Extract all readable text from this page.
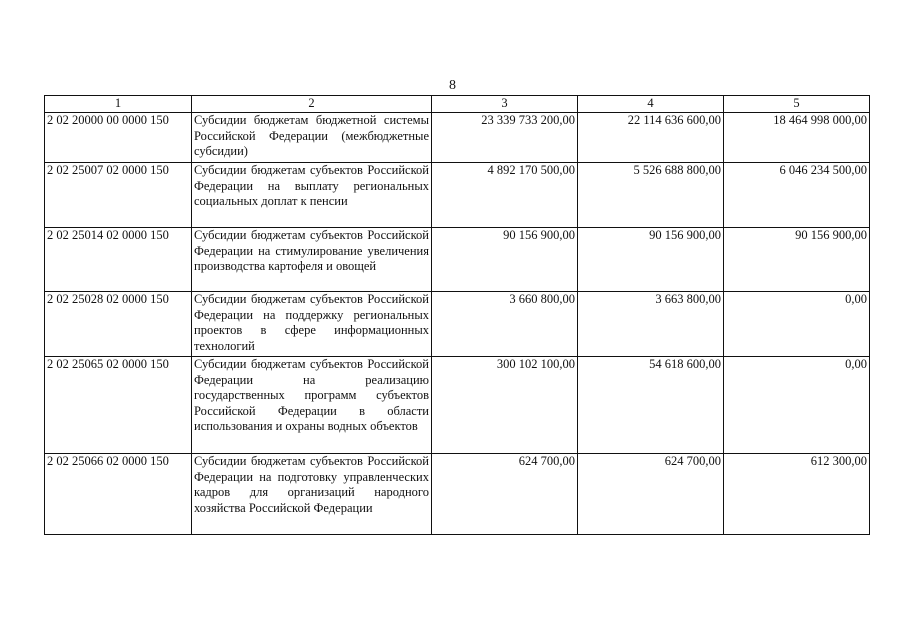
8
1	2	3	4	5
2 02 20000 00 0000 150	Субсидии бюджетам бюджетной системы Российской Федерации (межбюджетные субсидии)	23 339 733 200,00	22 114 636 600,00	18 464 998 000,00
2 02 25007 02 0000 150	Субсидии бюджетам субъектов Российской Федерации на выплату региональных социальных доплат к пенсии	4 892 170 500,00	5 526 688 800,00	6 046 234 500,00
2 02 25014 02 0000 150	Субсидии бюджетам субъектов Российской Федерации на стимулирование увеличения производства картофеля и овощей	90 156 900,00	90 156 900,00	90 156 900,00
2 02 25028 02 0000 150	Субсидии бюджетам субъектов Российской Федерации на поддержку региональных проектов в сфере информационных технологий	3 660 800,00	3 663 800,00	0,00
2 02 25065 02 0000 150	Субсидии бюджетам субъектов Российской Федерации на реализацию государственных программ субъектов Российской Федерации в области использования и охраны водных объектов	300 102 100,00	54 618 600,00	0,00
2 02 25066 02 0000 150	Субсидии бюджетам субъектов Российской Федерации на подготовку управленческих кадров для организаций народного хозяйства Российской Федерации	624 700,00	624 700,00	612 300,00
